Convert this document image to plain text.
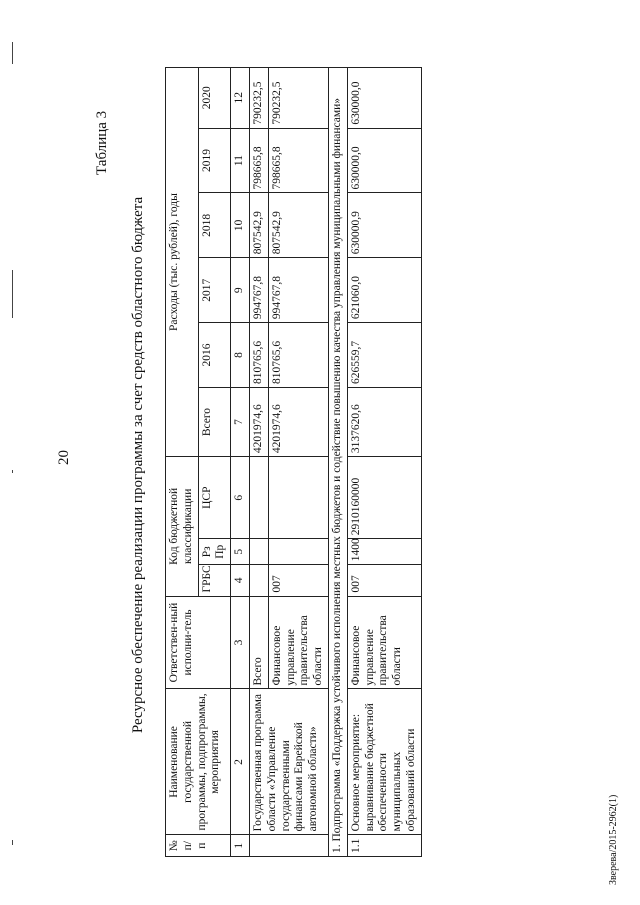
20
Таблица 3
Ресурсное обеспечение реализации программы за счет средств областного бюджета
№ п/п	Наименование государственной программы, подпрограммы, мероприятия	Ответствен-ный исполни-тель	Код бюджетной классификации			Расходы (тыс. рублей), годы					
			ГРБС	Рз Пр	ЦСР	Всего	2016	2017	2018	2019	2020
1	2	3	4	5	6	7	8	9	10	11	12
	Государственная программа области «Управление государственными финансами Еврейской автономной области»	Всего				4201974,6	810765,6	994767,8	807542,9	798665,8	790232,5
		Финансовое управление правительства области	007			4201974,6	810765,6	994767,8	807542,9	798665,8	790232,5
1. Подпрограмма «Поддержка устойчивого исполнения местных бюджетов и содействие повышению качества управления муниципальными финансами»											
1.1	Основное мероприятие: выравнивание бюджетной обеспеченности муниципальных образований области	Финансовое управление правительства области	007	1400	2910160000	3137620,6	626559,7	621060,0	630000,9	630000,0	630000,0
Зверева/2015-2962(1)
